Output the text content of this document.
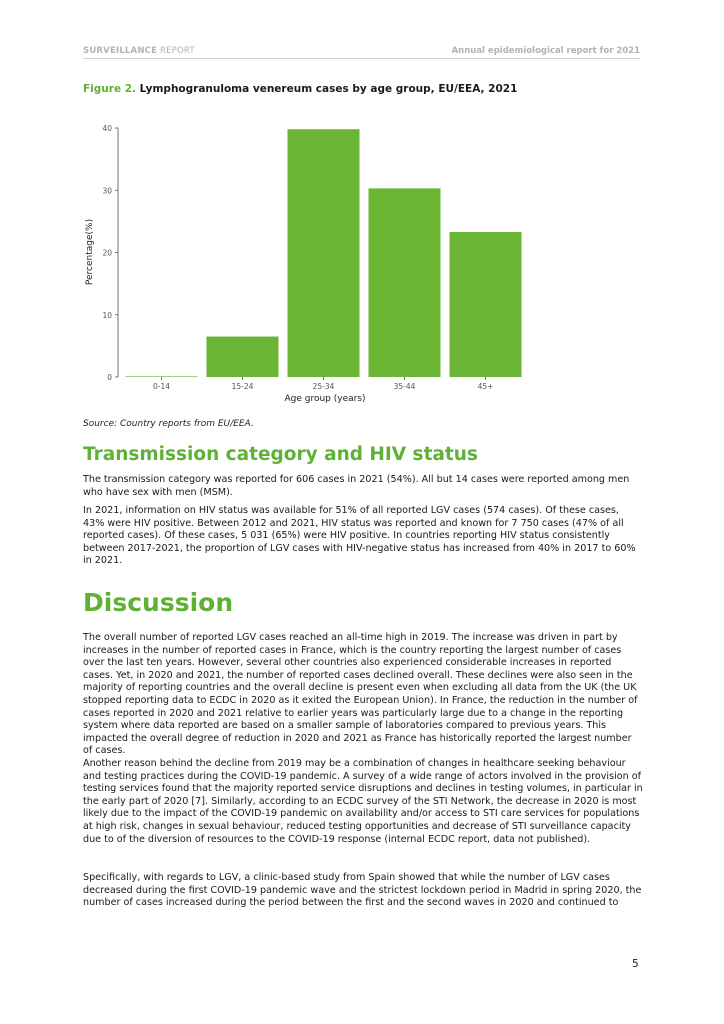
SURVEILLANCE REPORT	Annual epidemiological report for 2021
Figure 2. Lymphogranuloma venereum cases by age group, EU/EEA, 2021
0
10
20
30
40
0-14	15-24	25-34	35-44	45+
Percentage(%)
Age group (years)
Source: Country reports from EU/EEA.
Transmission category and HIV status

The transmission category was reported for 606 cases in 2021 (54%). All but 14 cases were reported among men who have sex with men (MSM).

In 2021, information on HIV status was available for 51% of all reported LGV cases (574 cases). Of these cases, 43% were HIV positive. Between 2012 and 2021, HIV status was reported and known for 7 750 cases (47% of all reported cases). Of these cases, 5 031 (65%) were HIV positive. In countries reporting HIV status consistently between 2017-2021, the proportion of LGV cases with HIV-negative status has increased from 40% in 2017 to 60% in 2021.

Discussion

The overall number of reported LGV cases reached an all-time high in 2019. The increase was driven in part by increases in the number of reported cases in France, which is the country reporting the largest number of cases over the last ten years. However, several other countries also experienced considerable increases in reported cases. Yet, in 2020 and 2021, the number of reported cases declined overall. These declines were also seen in the majority of reporting countries and the overall decline is present even when excluding all data from the UK (the UK stopped reporting data to ECDC in 2020 as it exited the European Union). In France, the reduction in the number of cases reported in 2020 and 2021 relative to earlier years was particularly large due to a change in the reporting system where data reported are based on a smaller sample of laboratories compared to previous years. This impacted the overall degree of reduction in 2020 and 2021 as France has historically reported the largest number of cases.

Another reason behind the decline from 2019 may be a combination of changes in healthcare seeking behaviour and testing practices during the COVID-19 pandemic. A survey of a wide range of actors involved in the provision of testing services found that the majority reported service disruptions and declines in testing volumes, in particular in the early part of 2020 [7]. Similarly, according to an ECDC survey of the STI Network, the decrease in 2020 is most likely due to the impact of the COVID-19 pandemic on availability and/or access to STI care services for populations at high risk, changes in sexual behaviour, reduced testing opportunities and decrease of STI surveillance capacity due to of the diversion of resources to the COVID-19 response (internal ECDC report, data not published).

Specifically, with regards to LGV, a clinic-based study from Spain showed that while the number of LGV cases decreased during the first COVID-19 pandemic wave and the strictest lockdown period in Madrid in spring 2020, the number of cases increased during the period between the first and the second waves in 2020 and continued to

5
